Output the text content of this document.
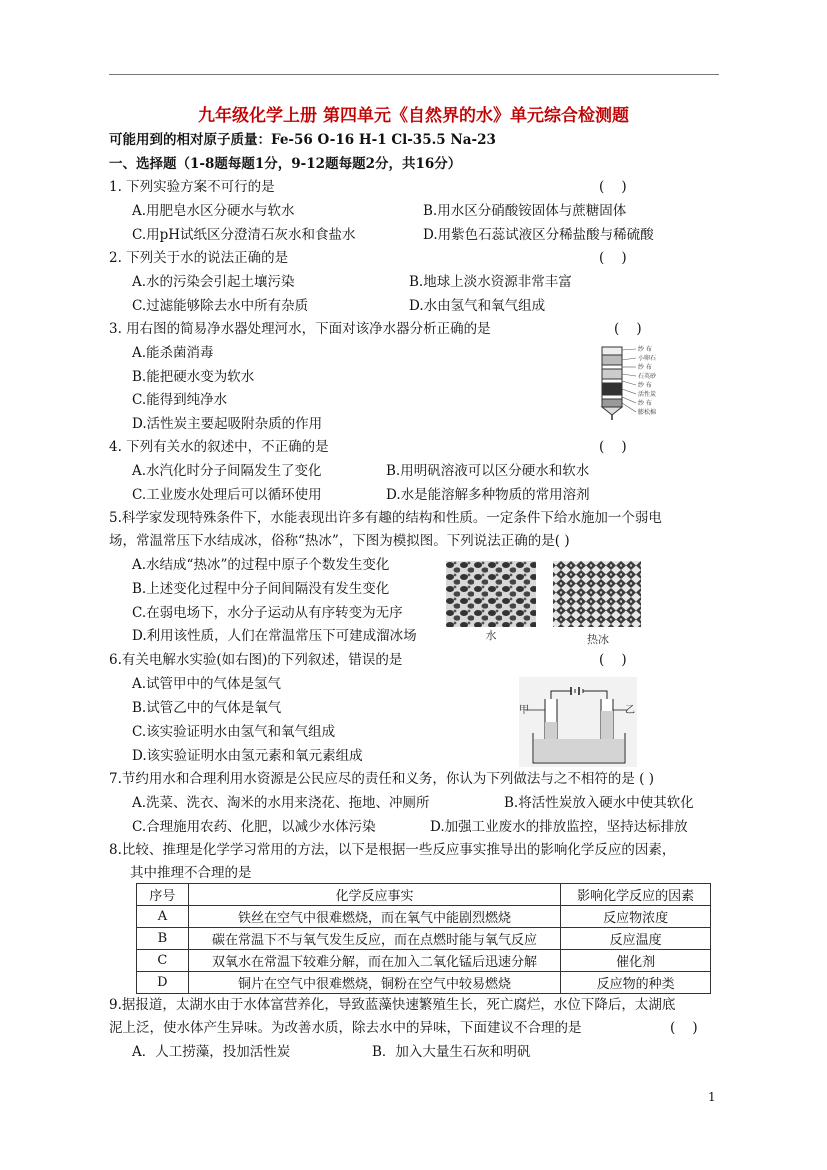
九年级化学上册 第四单元《自然界的水》单元综合检测题
可能用到的相对原子质量：Fe-56 O-16 H-1 Cl-35.5 Na-23
一、选择题（1-8题每题1分，9-12题每题2分，共16分）
1. 下列实验方案不可行的是	(    )
A.用肥皂水区分硬水与软水	B.用水区分硝酸铵固体与蔗糖固体
C.用pH试纸区分澄清石灰水和食盐水	D.用紫色石蕊试液区分稀盐酸与稀硫酸
2. 下列关于水的说法正确的是	(    )
A.水的污染会引起土壤污染	B.地球上淡水资源非常丰富
C.过滤能够除去水中所有杂质	D.水由氢气和氧气组成
3. 用右图的简易净水器处理河水，下面对该净水器分析正确的是	(    )
A.能杀菌消毒
B.能把硬水变为软水
C.能得到纯净水
D.活性炭主要起吸附杂质的作用
纱 布
小卵石
纱 布
石英砂
纱 布
活性炭
纱 布
膨松棉
4. 下列有关水的叙述中，不正确的是	(    )
A.水汽化时分子间隔发生了变化	B.用明矾溶液可以区分硬水和软水
C.工业废水处理后可以循环使用	D.水是能溶解多种物质的常用溶剂
5.科学家发现特殊条件下，水能表现出许多有趣的结构和性质。一定条件下给水施加一个弱电
场，常温常压下水结成冰，俗称“热冰”，下图为模拟图。下列说法正确的是( )
A.水结成“热冰”的过程中原子个数发生变化
B.上述变化过程中分子间间隔没有发生变化
C.在弱电场下，水分子运动从有序转变为无序
D.利用该性质，人们在常温常压下可建成溜冰场	水	热冰
6.有关电解水实验(如右图)的下列叙述，错误的是	(    )
A.试管甲中的气体是氢气
B.试管乙中的气体是氧气
C.该实验证明水由氢气和氧气组成
D.该实验证明水由氢元素和氧元素组成
甲	乙
7.节约用水和合理利用水资源是公民应尽的责任和义务，你认为下列做法与之不相符的是 ( )
A.洗菜、洗衣、淘米的水用来浇花、拖地、冲厕所	B.将活性炭放入硬水中使其软化
C.合理施用农药、化肥，以减少水体污染	D.加强工业废水的排放监控，坚持达标排放
8.比较、推理是化学学习常用的方法，以下是根据一些反应事实推导出的影响化学反应的因素，
其中推理不合理的是
序号	化学反应事实	影响化学反应的因素
A	铁丝在空气中很难燃烧，而在氧气中能剧烈燃烧	反应物浓度
B	碳在常温下不与氧气发生反应，而在点燃时能与氧气反应	反应温度
C	双氧水在常温下较难分解，而在加入二氧化锰后迅速分解	催化剂
D	铜片在空气中很难燃烧，铜粉在空气中较易燃烧	反应物的种类
9.据报道，太湖水由于水体富营养化，导致蓝藻快速繁殖生长，死亡腐烂，水位下降后，太湖底
泥上泛，使水体产生异味。为改善水质，除去水中的异味，下面建议不合理的是	(    )
A．人工捞藻，投加活性炭	B．加入大量生石灰和明矾
1
